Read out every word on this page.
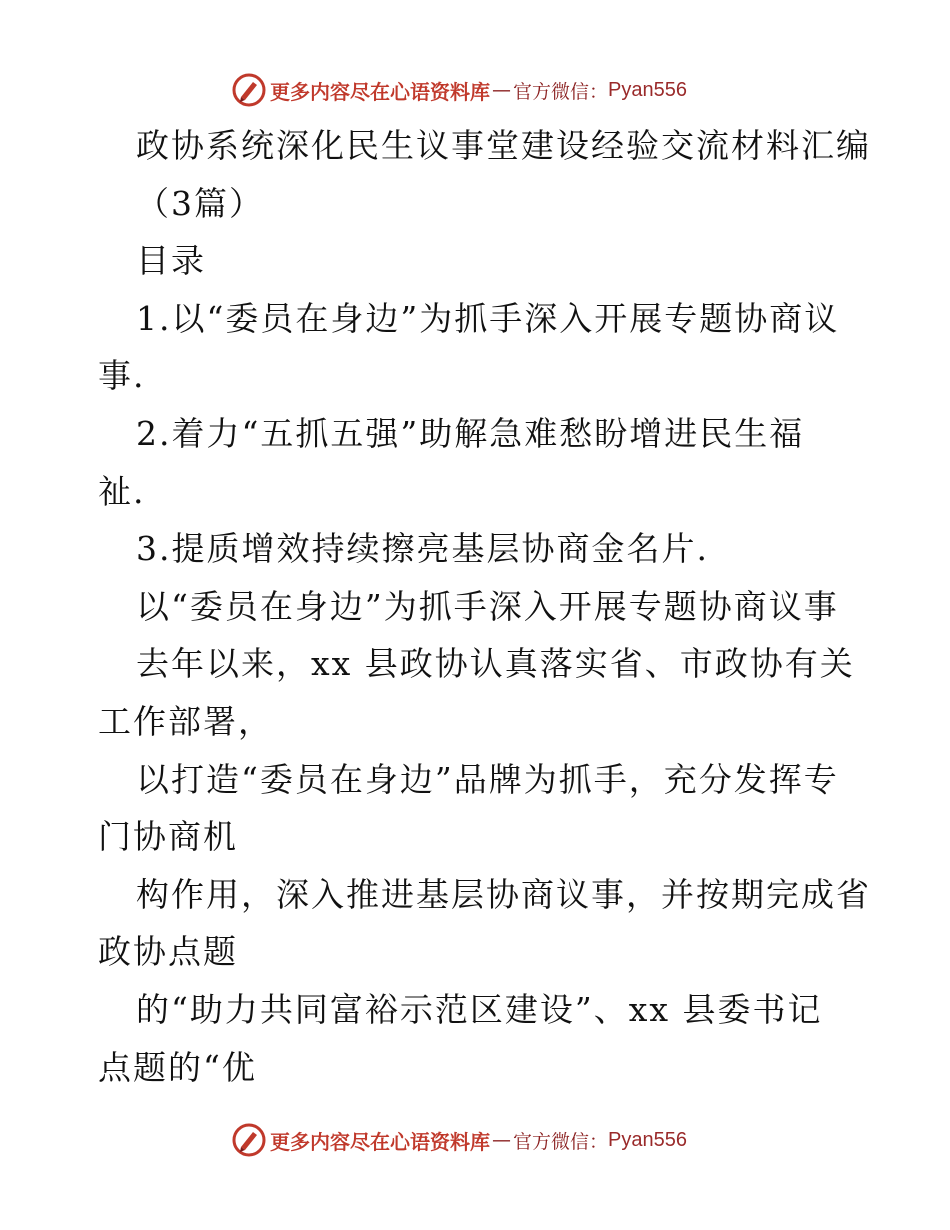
更多内容尽在心语资料库 — 官方微信： Pyan556
政协系统深化民生议事堂建设经验交流材料汇编
（3篇）
目录
1.以“委员在身边”为抓手深入开展专题协商议
事.
2.着力“五抓五强”助解急难愁盼增进民生福
祉.
3.提质增效持续擦亮基层协商金名片.
以“委员在身边”为抓手深入开展专题协商议事
去年以来，xx 县政协认真落实省、市政协有关
工作部署，
以打造“委员在身边”品牌为抓手，充分发挥专
门协商机
构作用，深入推进基层协商议事，并按期完成省
政协点题
的“助力共同富裕示范区建设”、xx 县委书记
点题的“优
更多内容尽在心语资料库 — 官方微信： Pyan556
